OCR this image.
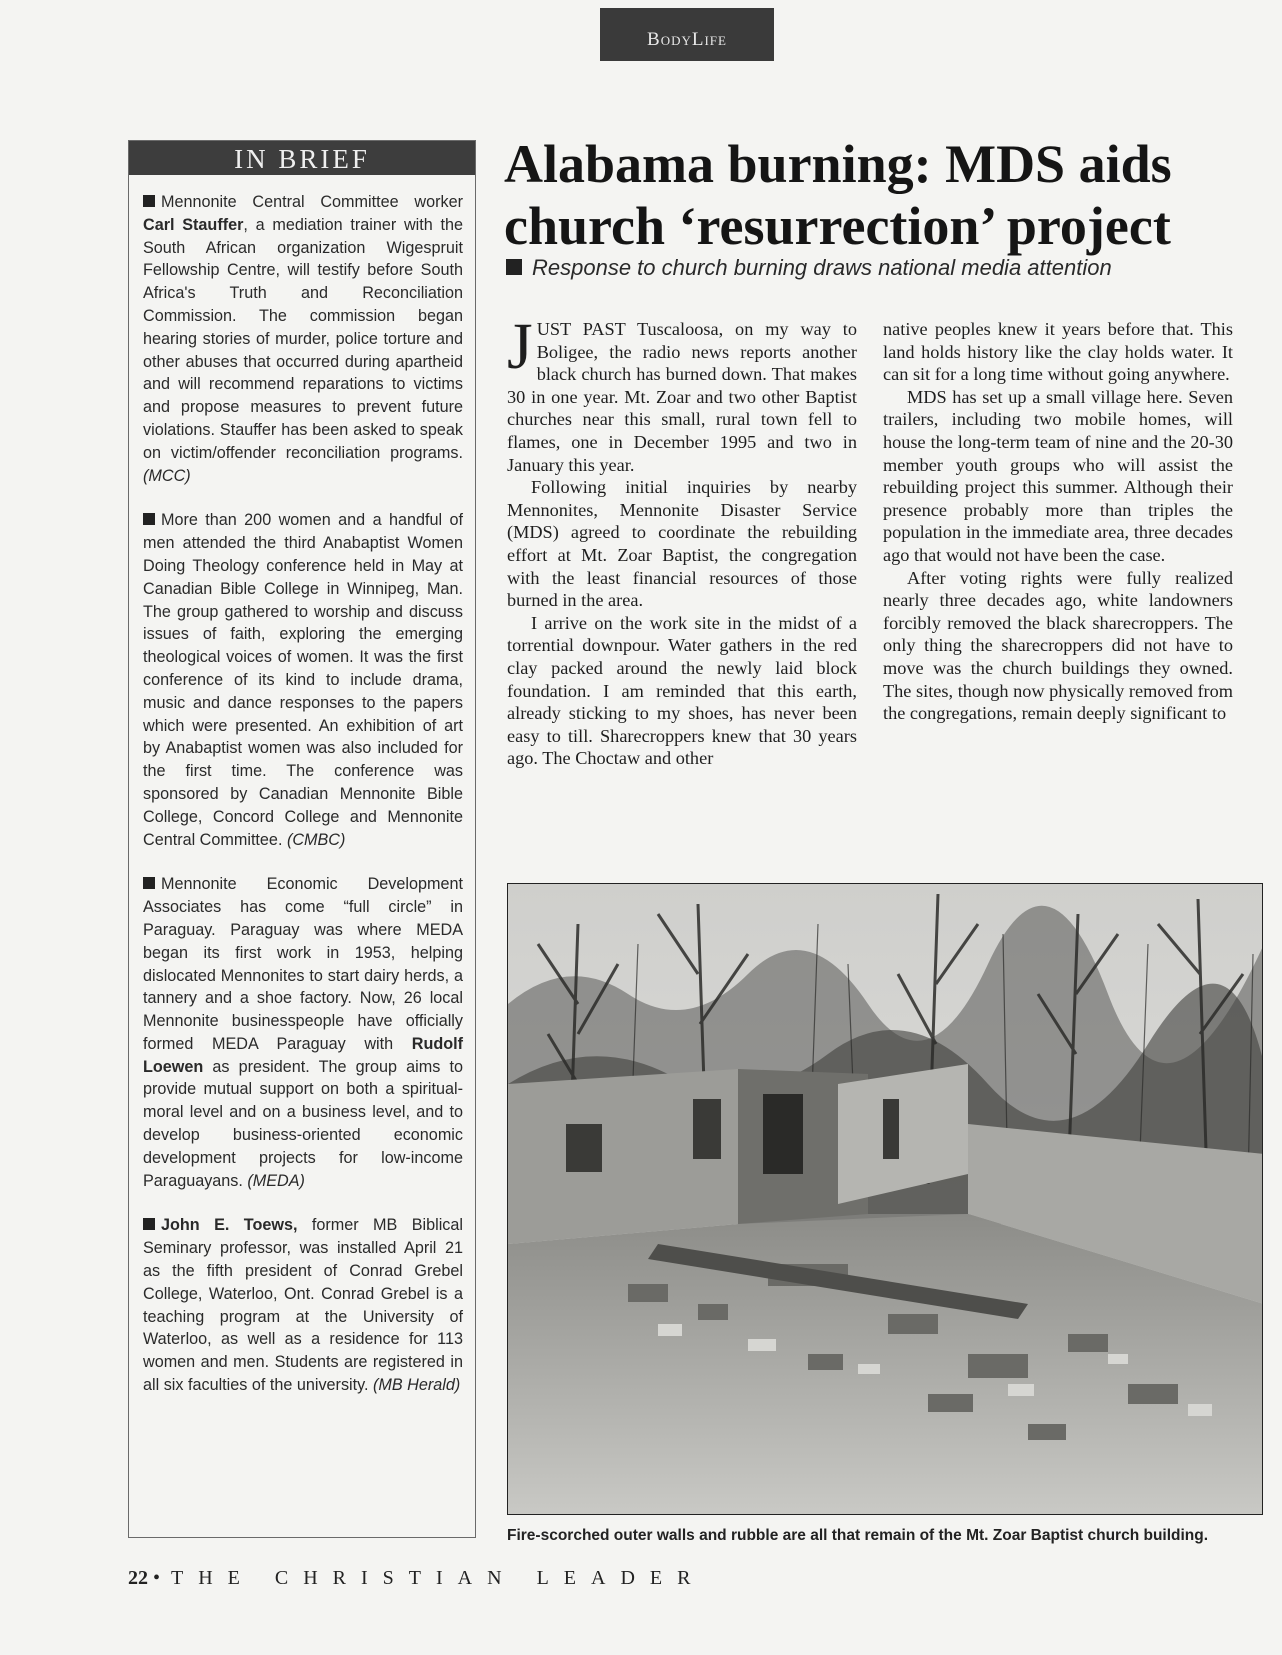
BodyLife
IN BRIEF

Mennonite Central Committee worker Carl Stauffer, a mediation trainer with the South African organization Wigespruit Fellowship Centre, will testify before South Africa's Truth and Reconciliation Commission. The commission began hearing stories of murder, police torture and other abuses that occurred during apartheid and will recommend reparations to victims and propose measures to prevent future violations. Stauffer has been asked to speak on victim/offender reconciliation programs. (MCC)

More than 200 women and a handful of men attended the third Anabaptist Women Doing Theology conference held in May at Canadian Bible College in Winnipeg, Man. The group gathered to worship and discuss issues of faith, exploring the emerging theological voices of women. It was the first conference of its kind to include drama, music and dance responses to the papers which were presented. An exhibition of art by Anabaptist women was also included for the first time. The conference was sponsored by Canadian Mennonite Bible College, Concord College and Mennonite Central Committee. (CMBC)

Mennonite Economic Development Associates has come “full circle” in Paraguay. Paraguay was where MEDA began its first work in 1953, helping dislocated Mennonites to start dairy herds, a tannery and a shoe factory. Now, 26 local Mennonite businesspeople have officially formed MEDA Paraguay with Rudolf Loewen as president. The group aims to provide mutual support on both a spiritual-moral level and on a business level, and to develop business-oriented economic development projects for low-income Paraguayans. (MEDA)

John E. Toews, former MB Biblical Seminary professor, was installed April 21 as the fifth president of Conrad Grebel College, Waterloo, Ont. Conrad Grebel is a teaching program at the University of Waterloo, as well as a residence for 113 women and men. Students are registered in all six faculties of the university. (MB Herald)

Alabama burning: MDS aids
church ‘resurrection’ project
Response to church burning draws national media attention

JUST PAST Tuscaloosa, on my way to Boligee, the radio news reports another black church has burned down. That makes 30 in one year. Mt. Zoar and two other Baptist churches near this small, rural town fell to flames, one in December 1995 and two in January this year.

Following initial inquiries by nearby Mennonites, Mennonite Disaster Service (MDS) agreed to coordinate the rebuilding effort at Mt. Zoar Baptist, the congregation with the least financial resources of those burned in the area.

I arrive on the work site in the midst of a torrential downpour. Water gathers in the red clay packed around the newly laid block foundation. I am reminded that this earth, already sticking to my shoes, has never been easy to till. Sharecroppers knew that 30 years ago. The Choctaw and other

native peoples knew it years before that. This land holds history like the clay holds water. It can sit for a long time without going anywhere.

MDS has set up a small village here. Seven trailers, including two mobile homes, will house the long-term team of nine and the 20-30 member youth groups who will assist the rebuilding project this summer. Although their presence probably more than triples the population in the immediate area, three decades ago that would not have been the case.

After voting rights were fully realized nearly three decades ago, white landowners forcibly removed the black sharecroppers. The only thing the sharecroppers did not have to move was the church buildings they owned. The sites, though now physically removed from the congregations, remain deeply significant to

Fire-scorched outer walls and rubble are all that remain of the Mt. Zoar Baptist church building.
22 • THE CHRISTIAN LEADER
